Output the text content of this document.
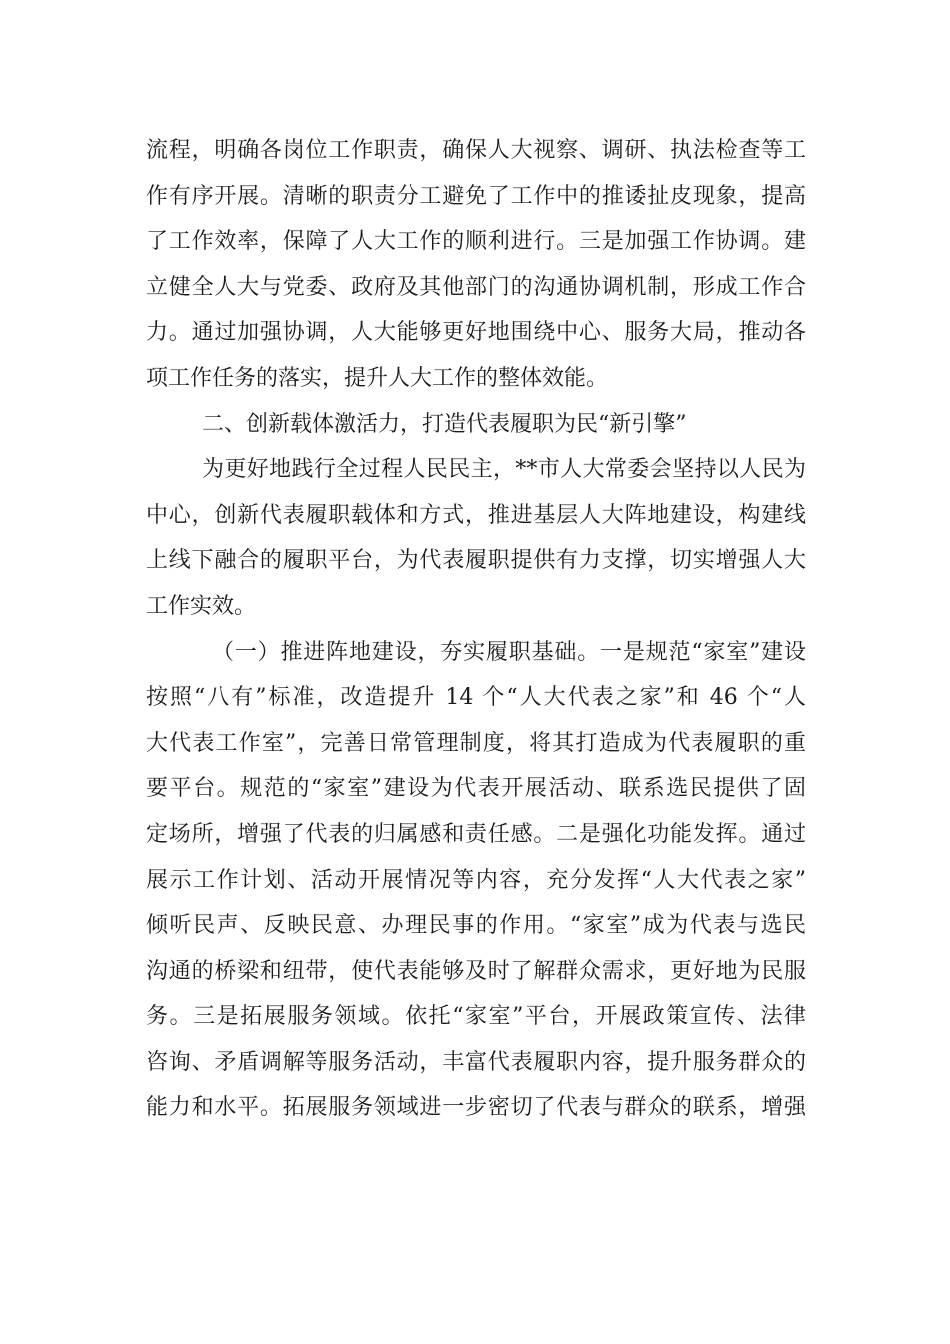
流程，明确各岗位工作职责，确保人大视察、调研、执法检查等工
作有序开展。清晰的职责分工避免了工作中的推诿扯皮现象，提高
了工作效率，保障了人大工作的顺利进行。三是加强工作协调。建
立健全人大与党委、政府及其他部门的沟通协调机制，形成工作合
力。通过加强协调，人大能够更好地围绕中心、服务大局，推动各
项工作任务的落实，提升人大工作的整体效能。
二、创新载体激活力，打造代表履职为民“新引擎”
为更好地践行全过程人民民主，**市人大常委会坚持以人民为
中心，创新代表履职载体和方式，推进基层人大阵地建设，构建线
上线下融合的履职平台，为代表履职提供有力支撑，切实增强人大
工作实效。
（一）推进阵地建设，夯实履职基础。一是规范“家室”建设
按照“八有”标准，改造提升 14 个“人大代表之家”和 46 个“人
大代表工作室”，完善日常管理制度，将其打造成为代表履职的重
要平台。规范的“家室”建设为代表开展活动、联系选民提供了固
定场所，增强了代表的归属感和责任感。二是强化功能发挥。通过
展示工作计划、活动开展情况等内容，充分发挥“人大代表之家”
倾听民声、反映民意、办理民事的作用。“家室”成为代表与选民
沟通的桥梁和纽带，使代表能够及时了解群众需求，更好地为民服
务。三是拓展服务领域。依托“家室”平台，开展政策宣传、法律
咨询、矛盾调解等服务活动，丰富代表履职内容，提升服务群众的
能力和水平。拓展服务领域进一步密切了代表与群众的联系，增强
